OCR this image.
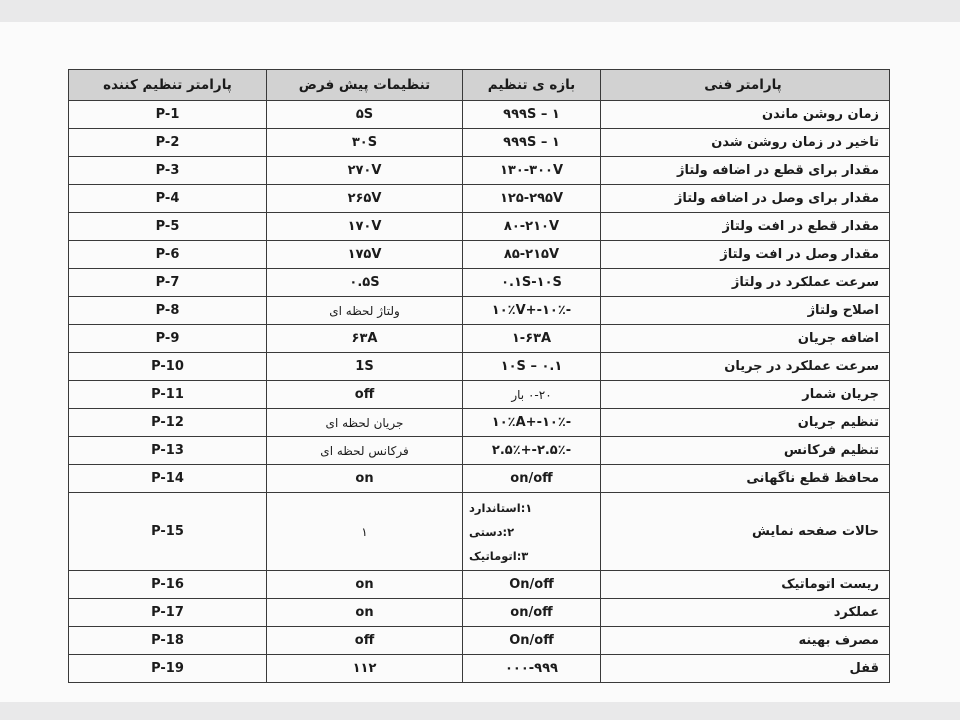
پارامتر تنظیم کننده	تنظیمات پیش فرض	بازه ی تنظیم	پارامتر فنی
P-1	۵S	۱ – ۹۹۹S	زمان روشن ماندن
P-2	۳۰S	۱ – ۹۹۹S	تاخیر در زمان روشن شدن
P-3	۲۷۰V	۱۳۰-۳۰۰V	مقدار برای قطع در اضافه ولتاژ
P-4	۲۶۵V	۱۲۵-۲۹۵V	مقدار برای وصل در اضافه ولتاژ
P-5	۱۷۰V	۸۰-۲۱۰V	مقدار قطع در افت ولتاژ
P-6	۱۷۵V	۸۵-۲۱۵V	مقدار وصل در افت ولتاژ
P-7	۰.۵S	۰.۱S-۱۰S	سرعت عملکرد در ولتاژ
P-8	ولتاژ لحظه ای	-۱۰٪-+۱۰٪V	اصلاح ولتاژ
P-9	۶۳A	۱-۶۳A	اضافه جریان
P-10	1S	۰.۱ – ۱۰S	سرعت عملکرد در جریان
P-11	off	۰-۲۰ بار	جریان شمار
P-12	جریان لحظه ای	-۱۰٪-+۱۰٪A	تنظیم جریان
P-13	فرکانس لحظه ای	-۲.۵٪-+۲.۵٪	تنظیم فرکانس
P-14	on	on/off	محافظ قطع ناگهانی
P-15	۱	۱:استاندارد
۲:دستی
۳:اتوماتیک	حالات صفحه نمایش
P-16	on	On/off	ریست اتوماتیک
P-17	on	on/off	عملکرد
P-18	off	On/off	مصرف بهینه
P-19	۱۱۲	۰۰۰-۹۹۹	قفل
